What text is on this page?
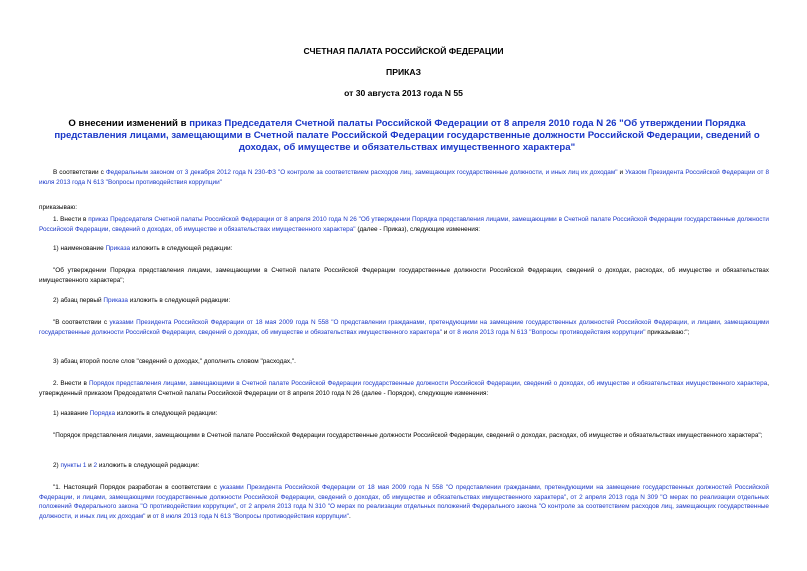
СЧЕТНАЯ ПАЛАТА РОССИЙСКОЙ ФЕДЕРАЦИИ
ПРИКАЗ
от 30 августа 2013 года N 55
О внесении изменений в приказ Председателя Счетной палаты Российской Федерации от 8 апреля 2010 года N 26 "Об утверждении Порядка представления лицами, замещающими в Счетной палате Российской Федерации государственные должности Российской Федерации, сведений о доходах, об имуществе и обязательствах имущественного характера"
В соответствии с Федеральным законом от 3 декабря 2012 года N 230-ФЗ "О контроле за соответствием расходов лиц, замещающих государственные должности, и иных лиц их доходам" и Указом Президента Российской Федерации от 8 июля 2013 года N 613 "Вопросы противодействия коррупции"
приказываю:
1. Внести в приказ Председателя Счетной палаты Российской Федерации от 8 апреля 2010 года N 26 "Об утверждении Порядка представления лицами, замещающими в Счетной палате Российской Федерации государственные должности Российской Федерации, сведений о доходах, об имуществе и обязательствах имущественного характера" (далее - Приказ), следующие изменения:
1) наименование Приказа изложить в следующей редакции:
"Об утверждении Порядка представления лицами, замещающими в Счетной палате Российской Федерации государственные должности Российской Федерации, сведений о доходах, расходах, об имуществе и обязательствах имущественного характера";
2) абзац первый Приказа изложить в следующей редакции:
"В соответствии с указами Президента Российской Федерации от 18 мая 2009 года N 558 "О представлении гражданами, претендующими на замещение государственных должностей Российской Федерации, и лицами, замещающими государственные должности Российской Федерации, сведений о доходах, об имуществе и обязательствах имущественного характера" и от 8 июля 2013 года N 613 "Вопросы противодействия коррупции" приказываю:";
3) абзац второй после слов "сведений о доходах," дополнить словом "расходах,".
2. Внести в Порядок представления лицами, замещающими в Счетной палате Российской Федерации государственные должности Российской Федерации, сведений о доходах, об имуществе и обязательствах имущественного характера, утвержденный приказом Председателя Счетной палаты Российской Федерации от 8 апреля 2010 года N 26 (далее - Порядок), следующие изменения:
1) название Порядка изложить в следующей редакции:
"Порядок представления лицами, замещающими в Счетной палате Российской Федерации государственные должности Российской Федерации, сведений о доходах, расходах, об имуществе и обязательствах имущественного характера";
2) пункты 1 и 2 изложить в следующей редакции:
"1. Настоящий Порядок разработан в соответствии с указами Президента Российской Федерации от 18 мая 2009 года N 558 "О представлении гражданами, претендующими на замещение государственных должностей Российской Федерации, и лицами, замещающими государственные должности Российской Федерации, сведений о доходах, об имуществе и обязательствах имущественного характера", от 2 апреля 2013 года N 309 "О мерах по реализации отдельных положений Федерального закона "О противодействии коррупции", от 2 апреля 2013 года N 310 "О мерах по реализации отдельных положений Федерального закона "О контроле за соответствием расходов лиц, замещающих государственные должности, и иных лиц их доходам" и от 8 июля 2013 года N 613 "Вопросы противодействия коррупции".
